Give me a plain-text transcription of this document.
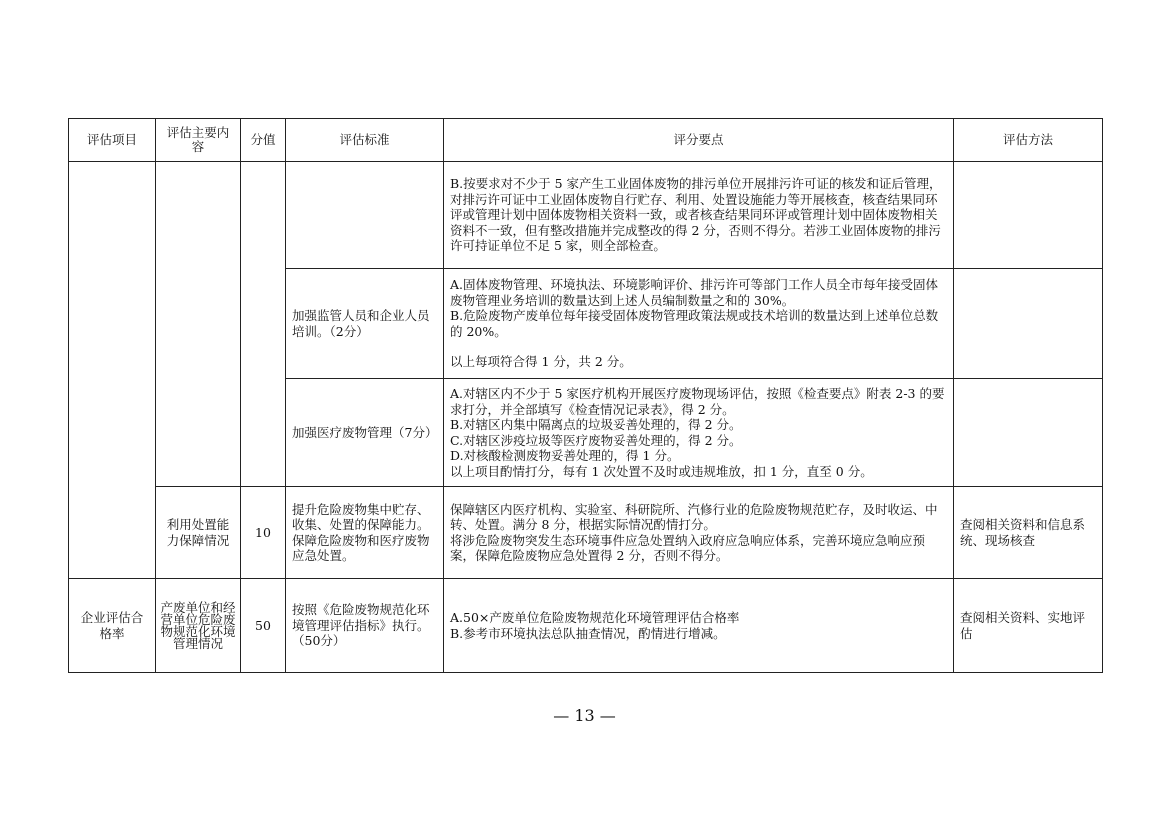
评估项目	评估主要内容	分值	评估标准	评分要点	评估方法

				B.按要求对不少于 5 家产生工业固体废物的排污单位开展排污许可证的核发和证后管理，对排污许可证中工业固体废物自行贮存、利用、处置设施能力等开展核查，核查结果同环评或管理计划中固体废物相关资料一致，或者核查结果同环评或管理计划中固体废物相关资料不一致，但有整改措施并完成整改的得 2 分，否则不得分。若涉工业固体废物的排污许可持证单位不足 5 家，则全部检查。	

			加强监管人员和企业人员培训。（2分）	A.固体废物管理、环境执法、环境影响评价、排污许可等部门工作人员全市每年接受固体废物管理业务培训的数量达到上述人员编制数量之和的 30%。
B.危险废物产废单位每年接受固体废物管理政策法规或技术培训的数量达到上述单位总数的 20%。
以上每项符合得 1 分，共 2 分。	

			加强医疗废物管理（7分）	A.对辖区内不少于 5 家医疗机构开展医疗废物现场评估，按照《检查要点》附表 2-3 的要求打分，并全部填写《检查情况记录表》，得 2 分。
B.对辖区内集中隔离点的垃圾妥善处理的，得 2 分。
C.对辖区涉疫垃圾等医疗废物妥善处理的，得 2 分。
D.对核酸检测废物妥善处理的，得 1 分。
以上项目酌情打分，每有 1 次处置不及时或违规堆放，扣 1 分，直至 0 分。	

	利用处置能力保障情况	10	提升危险废物集中贮存、收集、处置的保障能力。保障危险废物和医疗废物应急处置。	保障辖区内医疗机构、实验室、科研院所、汽修行业的危险废物规范贮存，及时收运、中转、处置。满分 8 分，根据实际情况酌情打分。
将涉危险废物突发生态环境事件应急处置纳入政府应急响应体系，完善环境应急响应预案，保障危险废物应急处置得 2 分，否则不得分。	查阅相关资料和信息系统、现场核查
企业评估合格率	产废单位和经营单位危险废物规范化环境管理情况	50	按照《危险废物规范化环境管理评估指标》执行。（50分）	A.50×产废单位危险废物规范化环境管理评估合格率
B.参考市环境执法总队抽查情况，酌情进行增减。	查阅相关资料、实地评估
— 13 —
